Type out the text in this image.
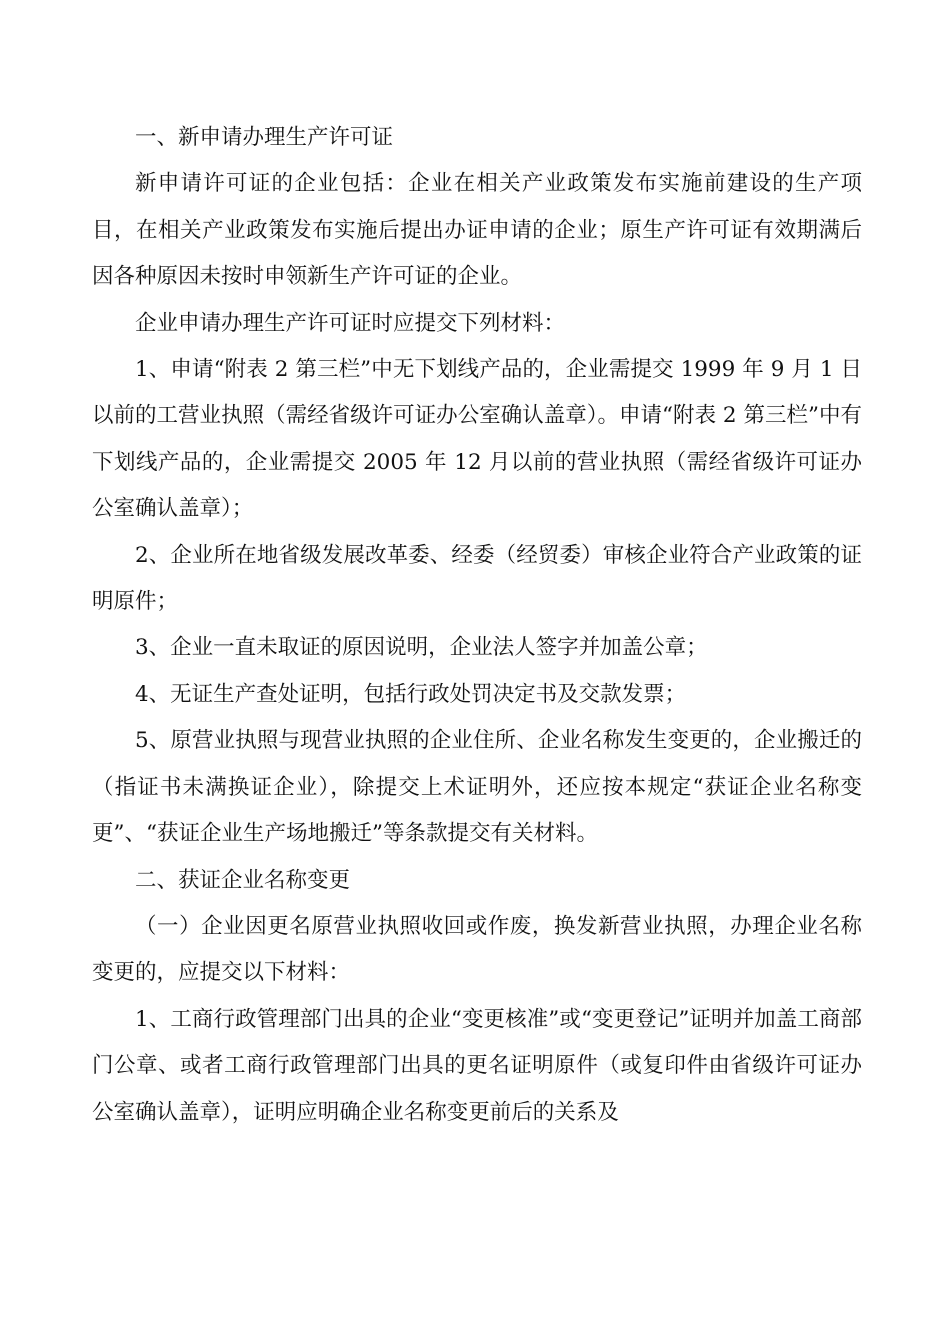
一、新申请办理生产许可证

新申请许可证的企业包括：企业在相关产业政策发布实施前建设的生产项目，在相关产业政策发布实施后提出办证申请的企业；原生产许可证有效期满后因各种原因未按时申领新生产许可证的企业。

企业申请办理生产许可证时应提交下列材料：

1、申请“附表 2 第三栏”中无下划线产品的，企业需提交 1999 年 9 月 1 日以前的工营业执照（需经省级许可证办公室确认盖章）。申请“附表 2 第三栏”中有下划线产品的，企业需提交 2005 年 12 月以前的营业执照（需经省级许可证办公室确认盖章）；

2、企业所在地省级发展改革委、经委（经贸委）审核企业符合产业政策的证明原件；

3、企业一直未取证的原因说明，企业法人签字并加盖公章；

4、无证生产查处证明，包括行政处罚决定书及交款发票；

5、原营业执照与现营业执照的企业住所、企业名称发生变更的，企业搬迁的（指证书未满换证企业），除提交上术证明外，还应按本规定“获证企业名称变更”、“获证企业生产场地搬迁”等条款提交有关材料。

二、获证企业名称变更

（一）企业因更名原营业执照收回或作废，换发新营业执照，办理企业名称变更的，应提交以下材料：

1、工商行政管理部门出具的企业“变更核准”或“变更登记”证明并加盖工商部门公章、或者工商行政管理部门出具的更名证明原件（或复印件由省级许可证办公室确认盖章），证明应明确企业名称变更前后的关系及
